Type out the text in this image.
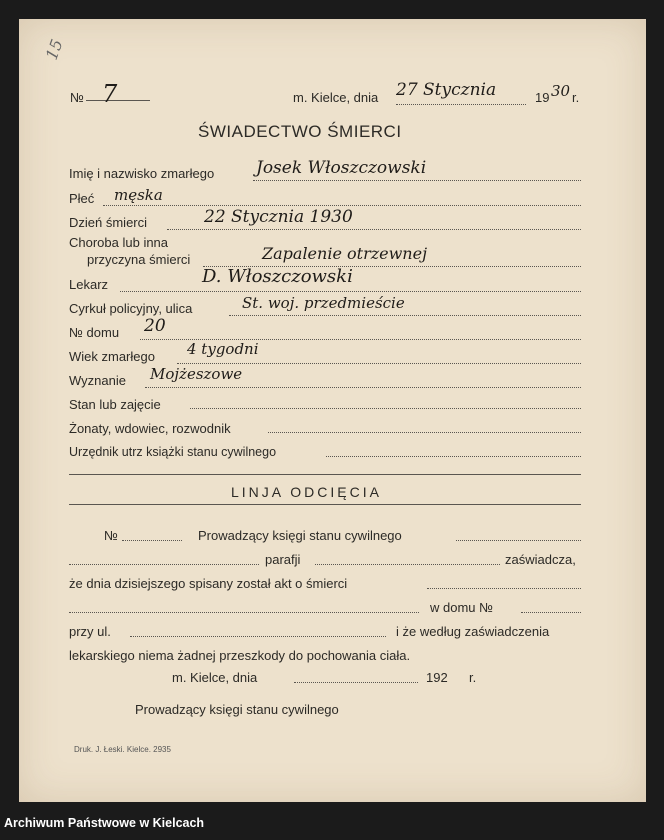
15
№ 7	m. Kielce, dnia 27 Stycznia	19 30 r.
ŚWIADECTWO ŚMIERCI
Imię i nazwisko zmarłego Josek Włoszczowski
Płeć męska
Dzień śmierci	22 Stycznia 1930
Choroba lub inna
przyczyna śmierci	Zapalenie otrzewnej
Lekarz	D. Włoszczowski
Cyrkuł policyjny, ulica	St. woj. przedmieście
№ domu 20
Wiek zmarłego 4 tygodni
Wyznanie Mojżeszowe
Stan lub zajęcie
Żonaty, wdowiec, rozwodnik
Urzędnik utrz książki stanu cywilnego
LINJA ODCIĘCIA
№	Prowadzący księgi stanu cywilnego
parafji	zaświadcza,
że dnia dzisiejszego spisany został akt o śmierci
w domu №
przy ul.	i że według zaświadczenia
lekarskiego niema żadnej przeszkody do pochowania ciała.
m. Kielce, dnia	192 r.
Prowadzący księgi stanu cywilnego
Druk. J. Łeski. Kielce. 2935
Archiwum Państwowe w Kielcach
